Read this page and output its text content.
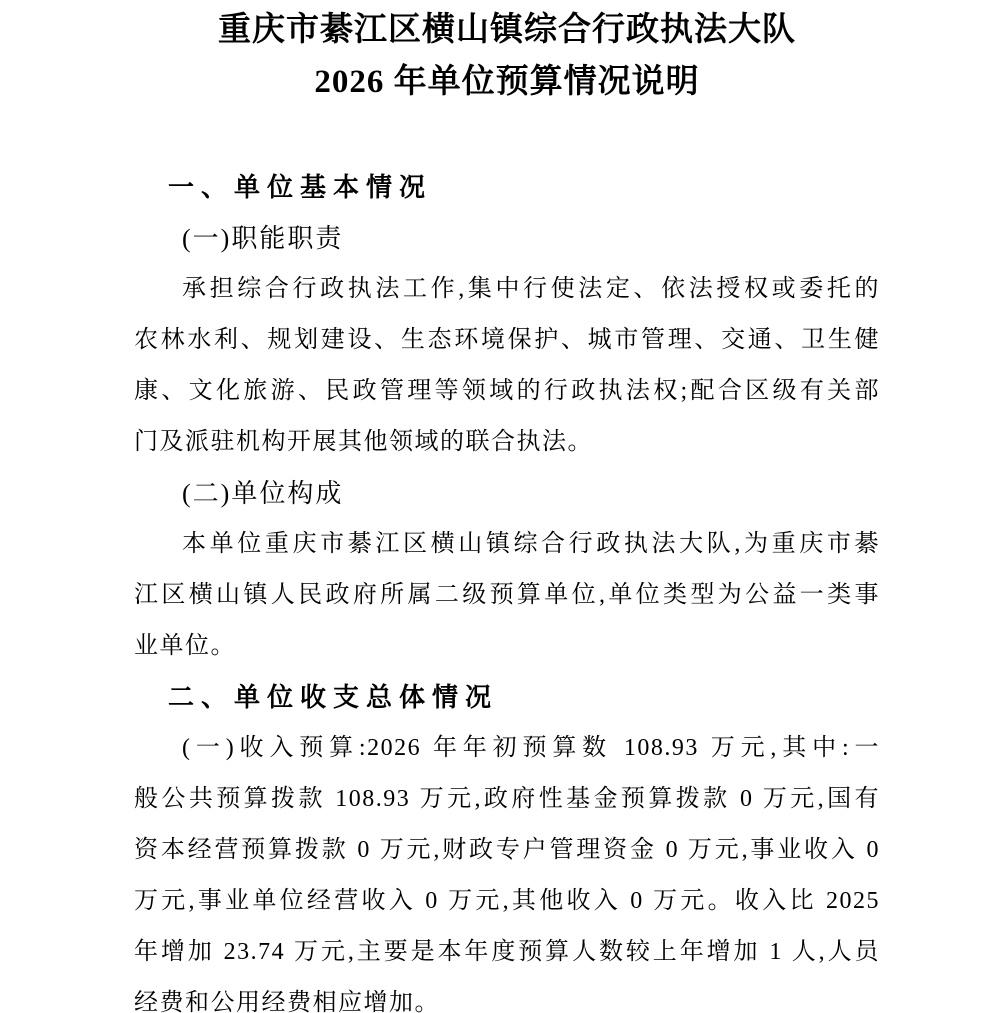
重庆市綦江区横山镇综合行政执法大队
2026 年单位预算情况说明
一、单位基本情况
(一)职能职责
承担综合行政执法工作,集中行使法定、依法授权或委托的
农林水利、规划建设、生态环境保护、城市管理、交通、卫生健
康、文化旅游、民政管理等领域的行政执法权;配合区级有关部
门及派驻机构开展其他领域的联合执法。
(二)单位构成
本单位重庆市綦江区横山镇综合行政执法大队,为重庆市綦
江区横山镇人民政府所属二级预算单位,单位类型为公益一类事
业单位。
二、单位收支总体情况
(一)收入预算:2026 年年初预算数 108.93 万元,其中:一
般公共预算拨款 108.93 万元,政府性基金预算拨款 0 万元,国有
资本经营预算拨款 0 万元,财政专户管理资金 0 万元,事业收入 0
万元,事业单位经营收入 0 万元,其他收入 0 万元。收入比 2025
年增加 23.74 万元,主要是本年度预算人数较上年增加 1 人,人员
经费和公用经费相应增加。
